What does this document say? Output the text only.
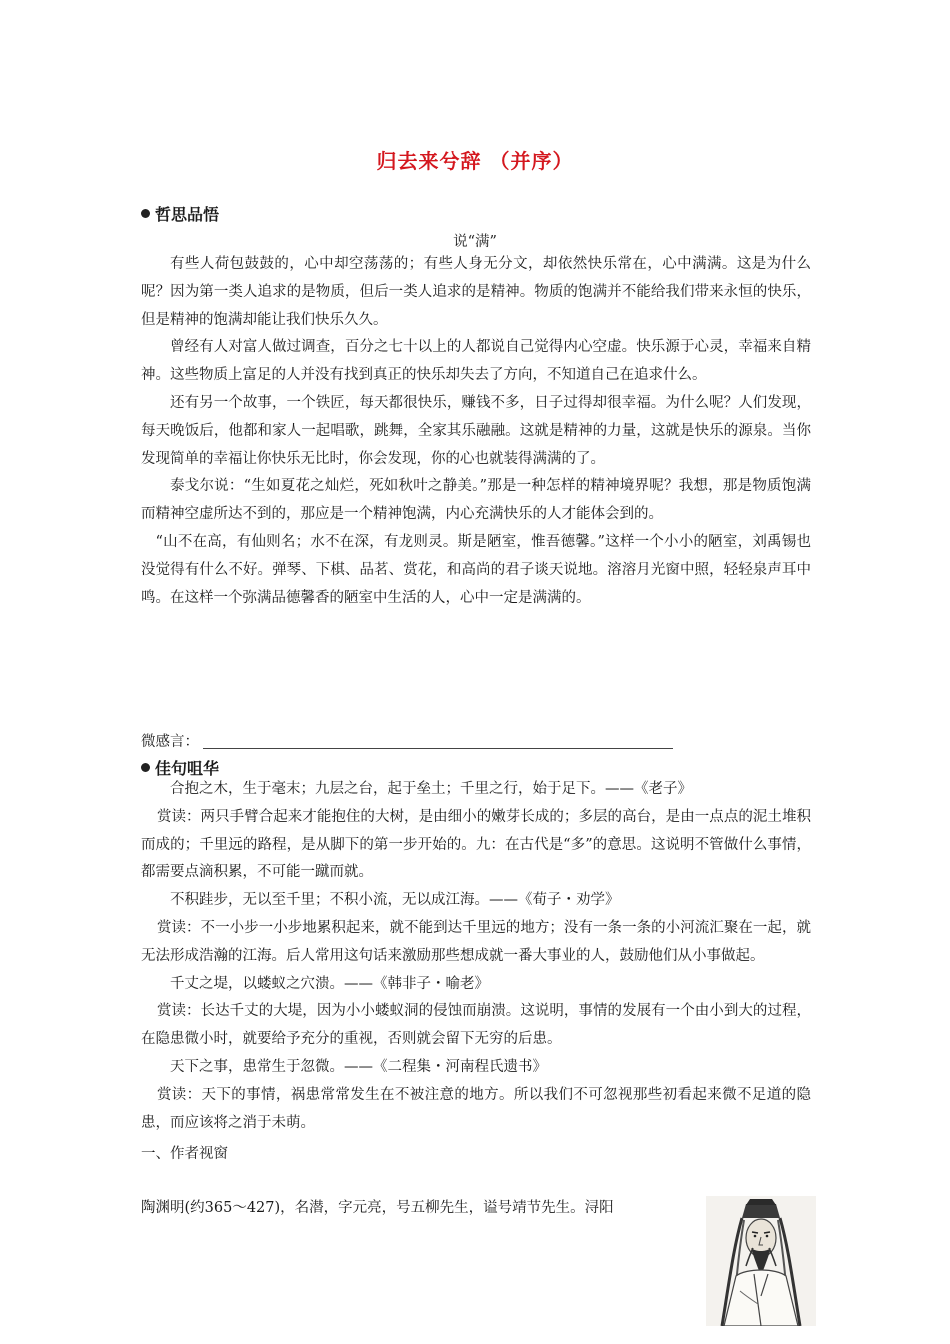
归去来兮辞 （并序）
哲思品悟
说“满”

有些人荷包鼓鼓的，心中却空荡荡的；有些人身无分文，却依然快乐常在，心中满满。这是为什么呢？因为第一类人追求的是物质，但后一类人追求的是精神。物质的饱满并不能给我们带来永恒的快乐，但是精神的饱满却能让我们快乐久久。

曾经有人对富人做过调查，百分之七十以上的人都说自己觉得内心空虚。快乐源于心灵，幸福来自精神。这些物质上富足的人并没有找到真正的快乐却失去了方向，不知道自己在追求什么。

还有另一个故事，一个铁匠，每天都很快乐，赚钱不多，日子过得却很幸福。为什么呢？人们发现，每天晚饭后，他都和家人一起唱歌，跳舞，全家其乐融融。这就是精神的力量，这就是快乐的源泉。当你发现简单的幸福让你快乐无比时，你会发现，你的心也就装得满满的了。

泰戈尔说：“生如夏花之灿烂，死如秋叶之静美。”那是一种怎样的精神境界呢？我想，那是物质饱满而精神空虚所达不到的，那应是一个精神饱满，内心充满快乐的人才能体会到的。

“山不在高，有仙则名；水不在深，有龙则灵。斯是陋室，惟吾德馨。”这样一个小小的陋室，刘禹锡也没觉得有什么不好。弹琴、下棋、品茗、赏花，和高尚的君子谈天说地。溶溶月光窗中照，轻轻泉声耳中鸣。在这样一个弥满品德馨香的陋室中生活的人，心中一定是满满的。

微感言：
佳句咀华

合抱之木，生于毫末；九层之台，起于垒土；千里之行，始于足下。——《老子》

赏读：两只手臂合起来才能抱住的大树，是由细小的嫩芽长成的；多层的高台，是由一点点的泥土堆积而成的；千里远的路程，是从脚下的第一步开始的。九：在古代是“多”的意思。这说明不管做什么事情，都需要点滴积累，不可能一蹴而就。

不积跬步，无以至千里；不积小流，无以成江海。——《荀子・劝学》

赏读：不一小步一小步地累积起来，就不能到达千里远的地方；没有一条一条的小河流汇聚在一起，就无法形成浩瀚的江海。后人常用这句话来激励那些想成就一番大事业的人，鼓励他们从小事做起。

千丈之堤，以蝼蚁之穴溃。——《韩非子・喻老》

赏读：长达千丈的大堤，因为小小蝼蚁洞的侵蚀而崩溃。这说明，事情的发展有一个由小到大的过程，在隐患微小时，就要给予充分的重视，否则就会留下无穷的后患。

天下之事，患常生于忽微。——《二程集・河南程氏遗书》

赏读：天下的事情，祸患常常发生在不被注意的地方。所以我们不可忽视那些初看起来微不足道的隐患，而应该将之消于未萌。

一、作者视窗
陶渊明(约365～427)，名潜，字元亮，号五柳先生，谥号靖节先生。浔阳
